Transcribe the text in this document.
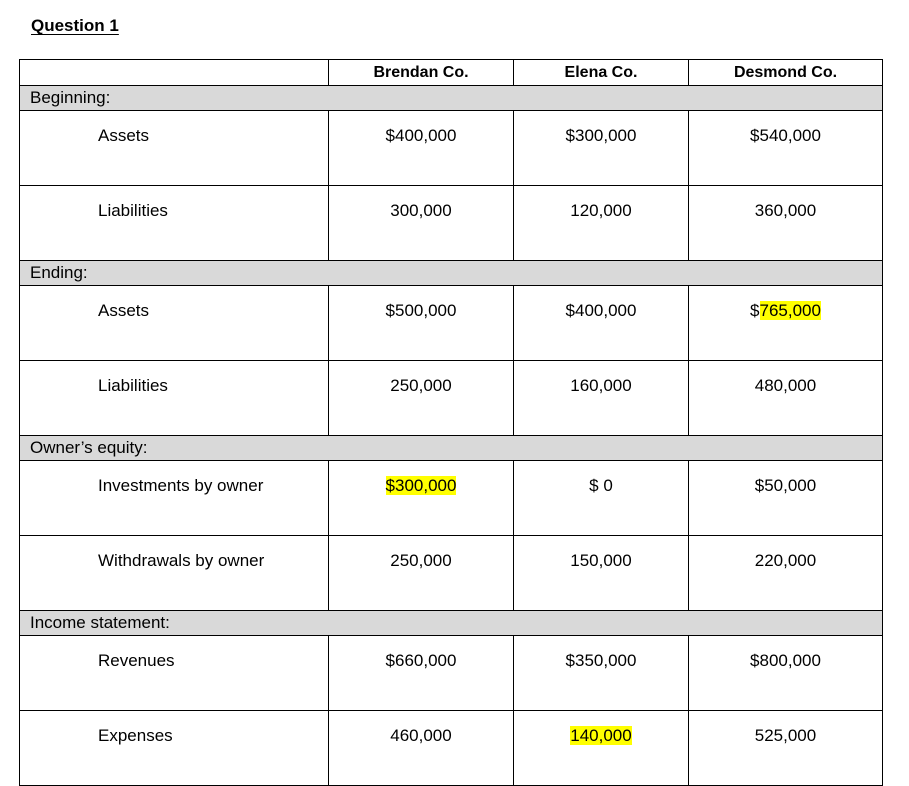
Question 1
	Brendan Co.	Elena Co.	Desmond Co.
Beginning:			
Assets	$400,000	$300,000	$540,000
Liabilities	300,000	120,000	360,000
Ending:			
Assets	$500,000	$400,000	$765,000
Liabilities	250,000	160,000	480,000
Owner’s equity:			
Investments by owner	$300,000	$ 0	$50,000
Withdrawals by owner	250,000	150,000	220,000
Income statement:			
Revenues	$660,000	$350,000	$800,000
Expenses	460,000	140,000	525,000
